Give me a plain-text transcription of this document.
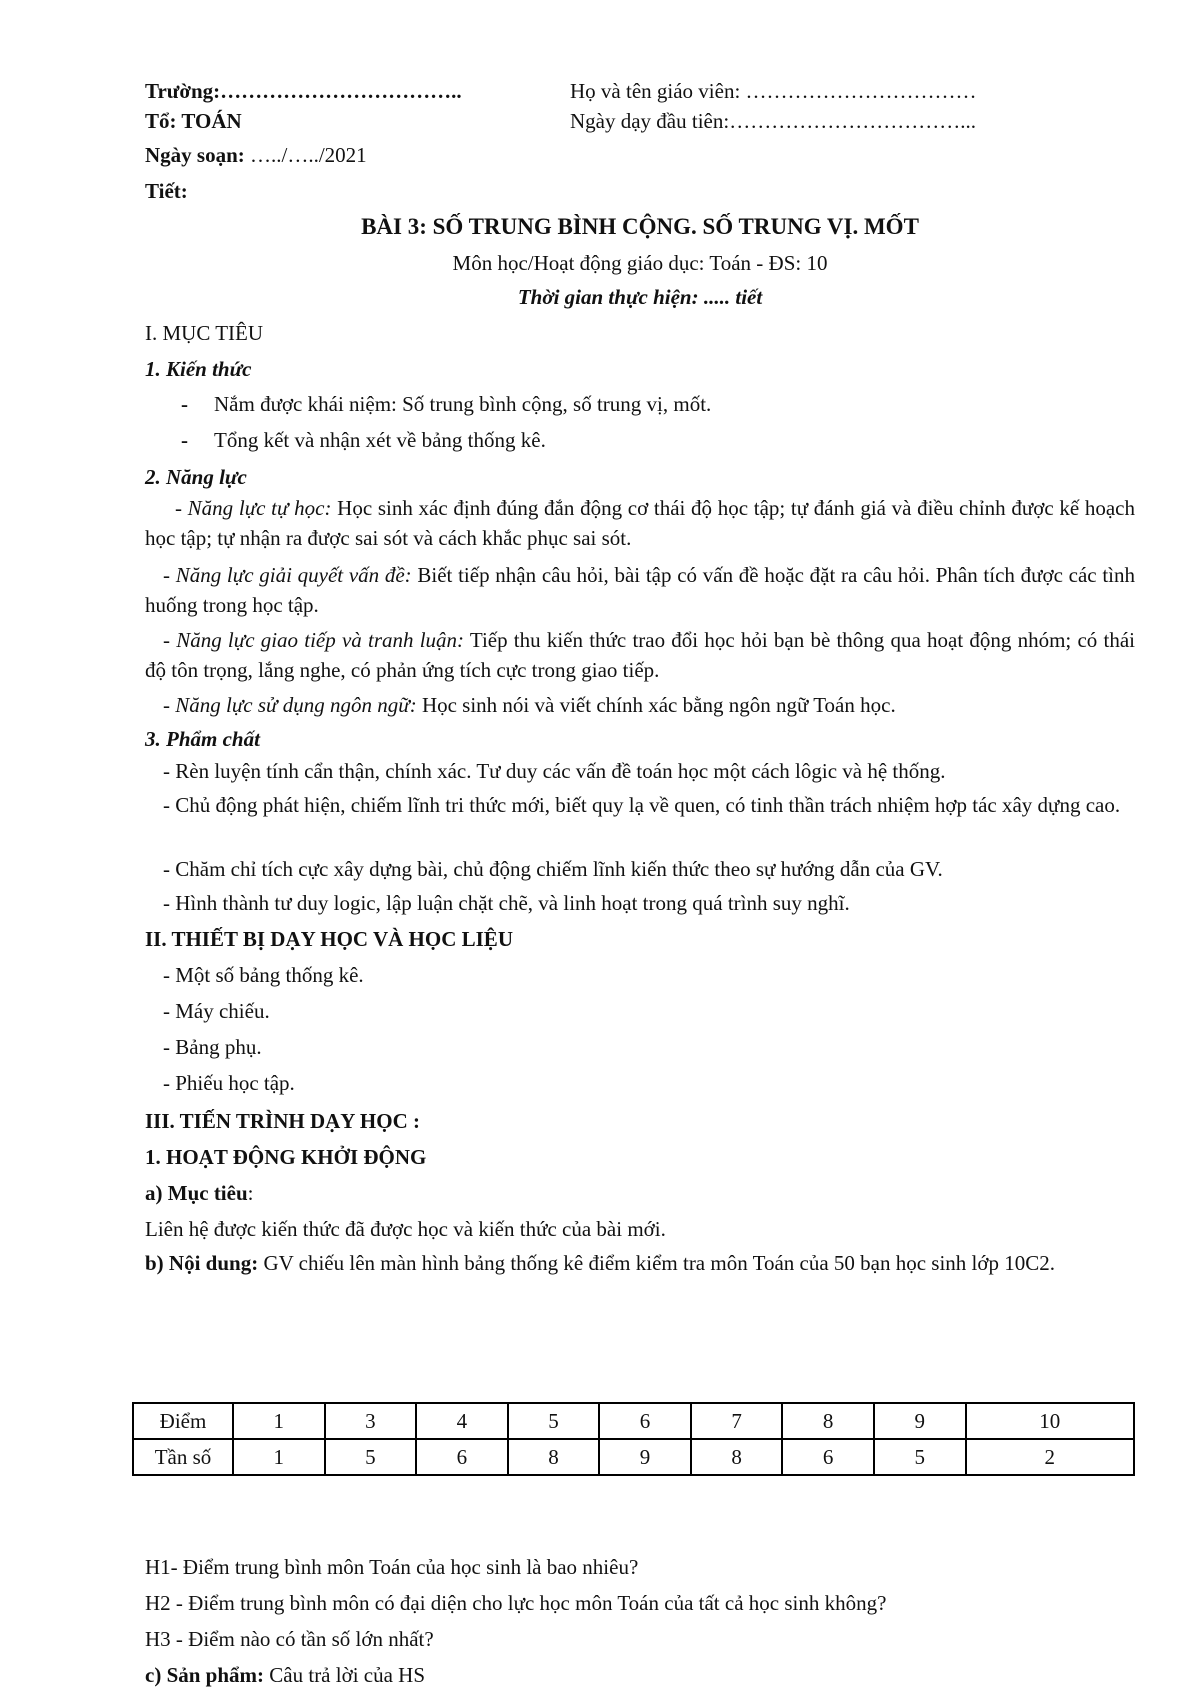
Trường:……………………………..	Họ và tên giáo viên: ……………………………
Tổ: TOÁN	Ngày dạy đầu tiên:……………………………...
Ngày soạn: …../…../2021
Tiết:
BÀI 3: SỐ TRUNG BÌNH CỘNG. SỐ TRUNG VỊ. MỐT
Môn học/Hoạt động giáo dục: Toán - ĐS: 10
Thời gian thực hiện: ..... tiết
I. MỤC TIÊU
1. Kiến thức
- Nắm được khái niệm: Số trung bình cộng, số trung vị, mốt.
- Tổng kết và nhận xét về bảng thống kê.
2. Năng lực
- Năng lực tự học: Học sinh xác định đúng đắn động cơ thái độ học tập; tự đánh giá và điều chỉnh được kế hoạch học tập; tự nhận ra được sai sót và cách khắc phục sai sót.
- Năng lực giải quyết vấn đề: Biết tiếp nhận câu hỏi, bài tập có vấn đề hoặc đặt ra câu hỏi. Phân tích được các tình huống trong học tập.
- Năng lực giao tiếp và tranh luận: Tiếp thu kiến thức trao đổi học hỏi bạn bè thông qua hoạt động nhóm; có thái độ tôn trọng, lắng nghe, có phản ứng tích cực trong giao tiếp.
- Năng lực sử dụng ngôn ngữ: Học sinh nói và viết chính xác bằng ngôn ngữ Toán học.
3. Phẩm chất
- Rèn luyện tính cẩn thận, chính xác. Tư duy các vấn đề toán học một cách lôgic và hệ thống.
- Chủ động phát hiện, chiếm lĩnh tri thức mới, biết quy lạ về quen, có tinh thần trách nhiệm hợp tác xây dựng cao.
- Chăm chỉ tích cực xây dựng bài, chủ động chiếm lĩnh kiến thức theo sự hướng dẫn của GV.
- Hình thành tư duy logic, lập luận chặt chẽ, và linh hoạt trong quá trình suy nghĩ.
II. THIẾT BỊ DẠY HỌC VÀ HỌC LIỆU
- Một số bảng thống kê.
- Máy chiếu.
- Bảng phụ.
- Phiếu học tập.
III. TIẾN TRÌNH DẠY HỌC :
1. HOẠT ĐỘNG KHỞI ĐỘNG
a) Mục tiêu:
Liên hệ được kiến thức đã được học và kiến thức của bài mới.
b) Nội dung: GV chiếu lên màn hình bảng thống kê điểm kiểm tra môn Toán của 50 bạn học sinh lớp 10C2.
H1- Điểm trung bình môn Toán của học sinh là bao nhiêu?
H2 - Điểm trung bình môn có đại diện cho lực học môn Toán của tất cả học sinh không?
H3 - Điểm nào có tần số lớn nhất?
c) Sản phẩm: Câu trả lời của HS
Điểm	1	3	4	5	6	7	8	9	10
Tần số	1	5	6	8	9	8	6	5	2
